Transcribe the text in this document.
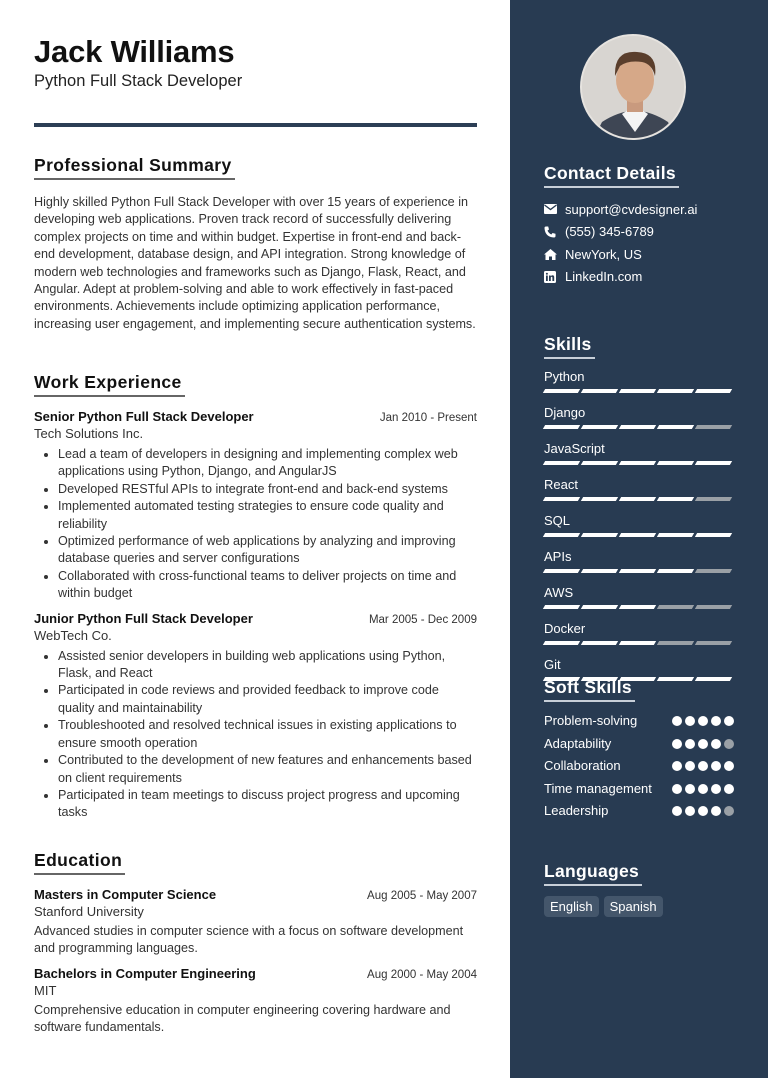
Jack Williams
Python Full Stack Developer
Professional Summary

Highly skilled Python Full Stack Developer with over 15 years of experience in developing web applications. Proven track record of successfully delivering complex projects on time and within budget. Expertise in front-end and back-end development, database design, and API integration. Strong knowledge of modern web technologies and frameworks such as Django, Flask, React, and Angular. Adept at problem-solving and able to work effectively in fast-paced environments. Achievements include optimizing application performance, increasing user engagement, and implementing secure authentication systems.

Work Experience
Senior Python Full Stack Developer	Jan 2010 - Present
Tech Solutions Inc.
Lead a team of developers in designing and implementing complex web applications using Python, Django, and AngularJS
Developed RESTful APIs to integrate front-end and back-end systems
Implemented automated testing strategies to ensure code quality and reliability
Optimized performance of web applications by analyzing and improving database queries and server configurations
Collaborated with cross-functional teams to deliver projects on time and within budget
Junior Python Full Stack Developer	Mar 2005 - Dec 2009
WebTech Co.
Assisted senior developers in building web applications using Python, Flask, and React
Participated in code reviews and provided feedback to improve code quality and maintainability
Troubleshooted and resolved technical issues in existing applications to ensure smooth operation
Contributed to the development of new features and enhancements based on client requirements
Participated in team meetings to discuss project progress and upcoming tasks
Education
Masters in Computer Science	Aug 2005 - May 2007
Stanford University

Advanced studies in computer science with a focus on software development and programming languages.

Bachelors in Computer Engineering	Aug 2000 - May 2004
MIT

Comprehensive education in computer engineering covering hardware and software fundamentals.

Contact Details
support@cvdesigner.ai
(555) 345-6789
NewYork, US
LinkedIn.com
Skills
Python
Django
JavaScript
React
SQL
APIs
AWS
Docker
Git
Soft Skills
Problem-solving
Adaptability
Collaboration
Time management
Leadership
Languages
English	Spanish
